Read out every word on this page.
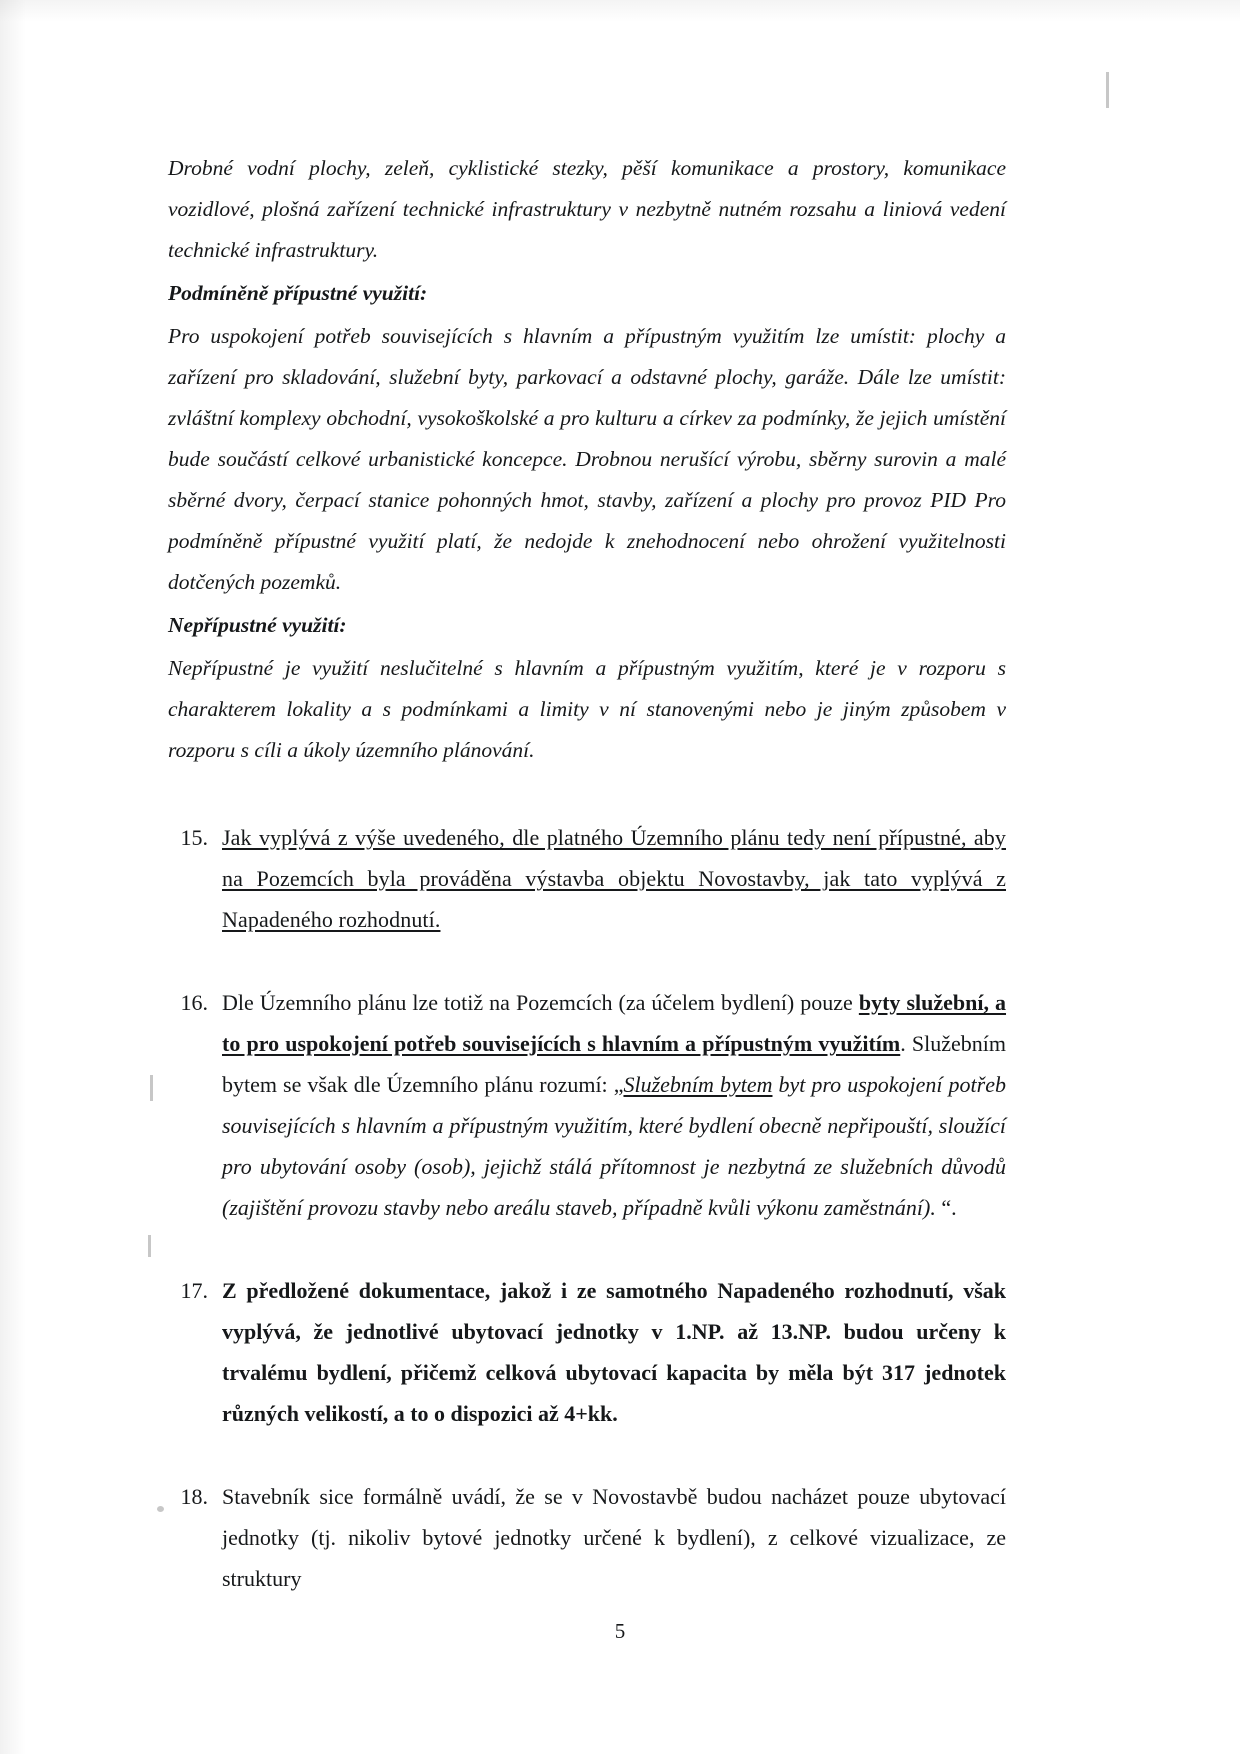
Drobné vodní plochy, zeleň, cyklistické stezky, pěší komunikace a prostory, komunikace vozidlové, plošná zařízení technické infrastruktury v nezbytně nutném rozsahu a liniová vedení technické infrastruktury.

Podmíněně přípustné využití:

Pro uspokojení potřeb souvisejících s hlavním a přípustným využitím lze umístit: plochy a zařízení pro skladování, služební byty, parkovací a odstavné plochy, garáže. Dále lze umístit: zvláštní komplexy obchodní, vysokoškolské a pro kulturu a církev za podmínky, že jejich umístění bude součástí celkové urbanistické koncepce. Drobnou nerušící výrobu, sběrny surovin a malé sběrné dvory, čerpací stanice pohonných hmot, stavby, zařízení a plochy pro provoz PID Pro podmíněně přípustné využití platí, že nedojde k znehodnocení nebo ohrožení využitelnosti dotčených pozemků.

Nepřípustné využití:

Nepřípustné je využití neslučitelné s hlavním a přípustným využitím, které je v rozporu s charakterem lokality a s podmínkami a limity v ní stanovenými nebo je jiným způsobem v rozporu s cíli a úkoly územního plánování.

15. Jak vyplývá z výše uvedeného, dle platného Územního plánu tedy není přípustné, aby na Pozemcích byla prováděna výstavba objektu Novostavby, jak tato vyplývá z Napadeného rozhodnutí.
16. Dle Územního plánu lze totiž na Pozemcích (za účelem bydlení) pouze byty služební, a to pro uspokojení potřeb souvisejících s hlavním a přípustným využitím. Služebním bytem se však dle Územního plánu rozumí: „Služebním bytem byt pro uspokojení potřeb souvisejících s hlavním a přípustným využitím, které bydlení obecně nepřipouští, sloužící pro ubytování osoby (osob), jejichž stálá přítomnost je nezbytná ze služebních důvodů (zajištění provozu stavby nebo areálu staveb, případně kvůli výkonu zaměstnání). “.
17. Z předložené dokumentace, jakož i ze samotného Napadeného rozhodnutí, však vyplývá, že jednotlivé ubytovací jednotky v 1.NP. až 13.NP. budou určeny k trvalému bydlení, přičemž celková ubytovací kapacita by měla být 317 jednotek různých velikostí, a to o dispozici až 4+kk.
18. Stavebník sice formálně uvádí, že se v Novostavbě budou nacházet pouze ubytovací jednotky (tj. nikoliv bytové jednotky určené k bydlení), z celkové vizualizace, ze struktury
5
